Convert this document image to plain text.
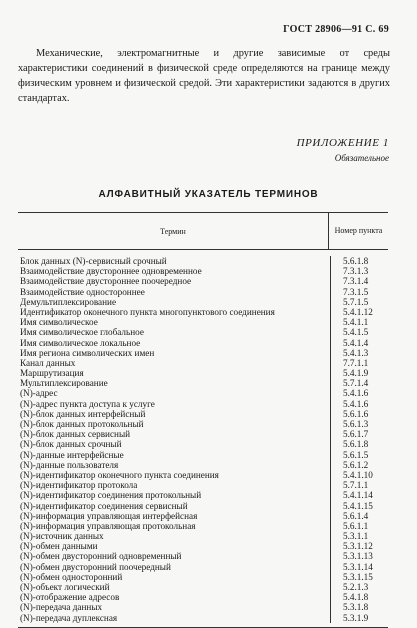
ГОСТ 28906—91 С. 69

Механические, электромагнитные и другие зависимые от среды характеристики соединений в физической среде определяются на границе между физическим уровнем и физической средой. Эти характеристики задаются в других стандартах.

ПРИЛОЖЕНИЕ 1
Обязательное
АЛФАВИТНЫЙ УКАЗАТЕЛЬ ТЕРМИНОВ
Термин	Номер пункта
Блок данных (N)-сервисный срочный
Взаимодействие двустороннее одновременное
Взаимодействие двустороннее поочередное
Взаимодействие одностороннее
Демультиплексирование
Идентификатор оконечного пункта многопунктового соединения
Имя символическое
Имя символическое глобальное
Имя символическое локальное
Имя региона символических имен
Канал данных
Маршрутизация
Мультиплексирование
(N)-адрес
(N)-адрес пункта доступа к услуге
(N)-блок данных интерфейсный
(N)-блок данных протокольный
(N)-блок данных сервисный
(N)-блок данных срочный
(N)-данные интерфейсные
(N)-данные пользователя
(N)-идентификатор оконечного пункта соединения
(N)-идентификатор протокола
(N)-идентификатор соединения протокольный
(N)-идентификатор соединения сервисный
(N)-информация управляющая интерфейсная
(N)-информация управляющая протокольная
(N)-источник данных
(N)-обмен данными
(N)-обмен двусторонний одновременный
(N)-обмен двусторонний поочередный
(N)-обмен односторонний
(N)-объект логический
(N)-отображение адресов
(N)-передача данных
(N)-передача дуплексная
5.6.1.8
7.3.1.3
7.3.1.4
7.3.1.5
5.7.1.5
5.4.1.12
5.4.1.1
5.4.1.5
5.4.1.4
5.4.1.3
7.7.1.1
5.4.1.9
5.7.1.4
5.4.1.6
5.4.1.6
5.6.1.6
5.6.1.3
5.6.1.7
5.6.1.8
5.6.1.5
5.6.1.2
5.4.1.10
5.7.1.1
5.4.1.14
5.4.1.15
5.6.1.4
5.6.1.1
5.3.1.1
5.3.1.12
5.3.1.13
5.3.1.14
5.3.1.15
5.2.1.3
5.4.1.8
5.3.1.8
5.3.1.9
